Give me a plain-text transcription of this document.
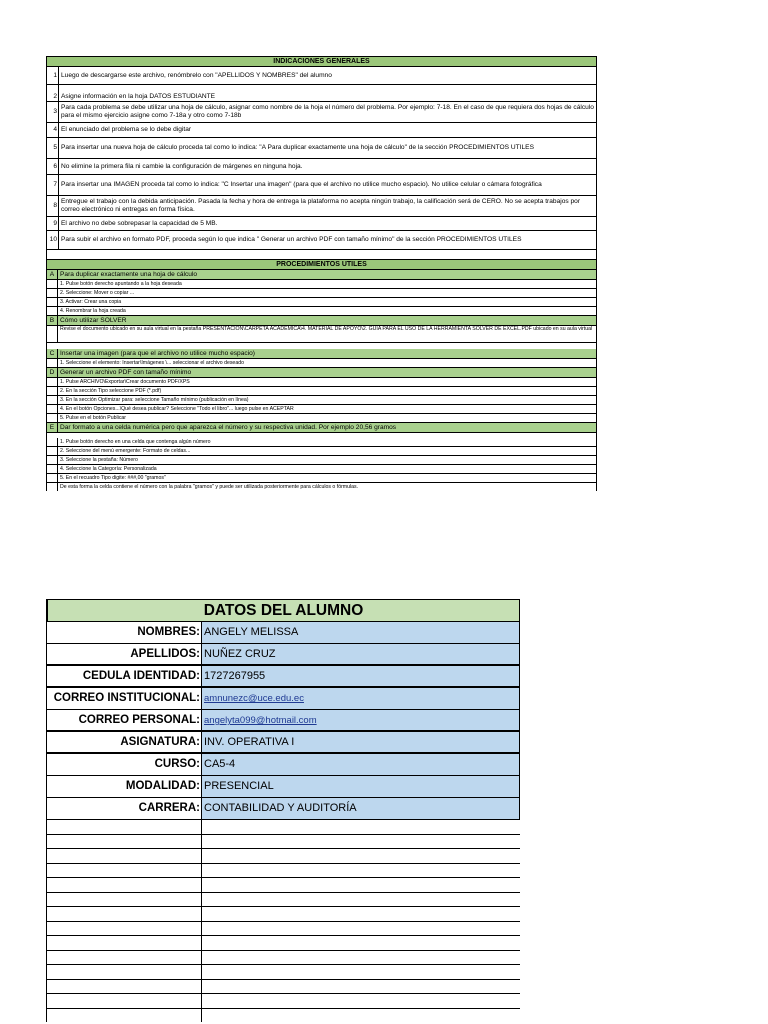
INDICACIONES GENERALES
1 Luego de descargarse este archivo, renómbrelo con "APELLIDOS Y NOMBRES" del alumno
2 Asigne información en la hoja DATOS ESTUDIANTE
3
Para cada problema se debe utilizar una hoja de cálculo, asignar como nombre de la hoja el número del problema. Por ejemplo: 7-18. En el caso de que requiera dos hojas de cálculo para el mismo ejercicio asigne como 7-18a y otro como 7-18b
4 El enunciado del problema se lo debe digitar
5 Para insertar una nueva hoja de cálculo proceda tal como lo indica: "A Para duplicar exactamente una hoja de cálculo" de la sección PROCEDIMIENTOS UTILES
6 No elimine la primera fila ni cambie la configuración de márgenes en ninguna hoja.
7 Para insertar una IMAGEN proceda tal como lo indica: "C Insertar una imagen" (para que el archivo no utilice mucho espacio). No utilice celular o cámara fotográfica
8
Entregue el trabajo con la debida anticipación. Pasada la fecha y hora de entrega la plataforma no acepta ningún trabajo, la calificación será de CERO. No se acepta trabajos por correo electrónico ni entregas en forma física.
9 El archivo no debe sobrepasar la capacidad de 5 MB.
10 Para subir el archivo en formato PDF, proceda según lo que indica " Generar un archivo PDF con tamaño mínimo" de la sección PROCEDIMIENTOS UTILES
PROCEDIMIENTOS UTILES
A Para duplicar exactamente una hoja de cálculo
1. Pulse botón derecho apuntando a la hoja deseada
2. Seleccione: Mover o copiar ...
3. Activar: Crear una copia
4. Renombrar la hoja creada
B Cómo utilizar SOLVER
Revise el documento ubicado en su aula virtual en la pestaña PRESENTACIÓN\CARPETA ACADEMICA\4. MATERIAL DE APOYO\2. GUIA PARA EL USO DE LA HERRAMIENTA SOLVER DE EXCEL.PDF ubicado en su aula virtual
C Insertar una imagen (para que el archivo no utilice mucho espacio)
1. Seleccione el elemento: Insertar\Imágenes \... seleccionar el archivo deseado
D Generar un archivo PDF con tamaño mínimo
1. Pulse ARCHIVO\Exportar\Crear documento PDF/XPS
2. En la sección Tipo seleccione PDF (*.pdf)
3. En la sección Optimizar para: seleccione Tamaño mínimo (publicación en línea)
4. En el botón Opciones...\Qué desea publicar? Seleccione "Todo el libro"... luego pulse en ACEPTAR
5. Pulse en el botón Publicar
E Dar formato a una celda numérica pero que aparezca el número y su respectiva unidad. Por ejemplo 20,56 gramos
1. Pulse botón derecho en una celda que contenga algún número
2. Seleccione del menú emergente: Formato de celdas...
3. Seleccione la pestaña: Número
4. Seleccione la Categoría: Personalizada
5. En el recuadro Tipo digite: ###,00 "gramos"
De esta forma la celda contiene el número con la palabra "gramos" y puede ser utilizada posteriormente para cálculos o fórmulas.
DATOS DEL ALUMNO
NOMBRES: ANGELY MELISSA
APELLIDOS: NUÑEZ CRUZ
CEDULA IDENTIDAD: 1727267955
CORREO INSTITUCIONAL: amnunezc@uce.edu.ec
CORREO PERSONAL: angelyta099@hotmail.com
ASIGNATURA: INV. OPERATIVA I
CURSO: CA5-4
MODALIDAD: PRESENCIAL
CARRERA: CONTABILIDAD Y AUDITORÍA
